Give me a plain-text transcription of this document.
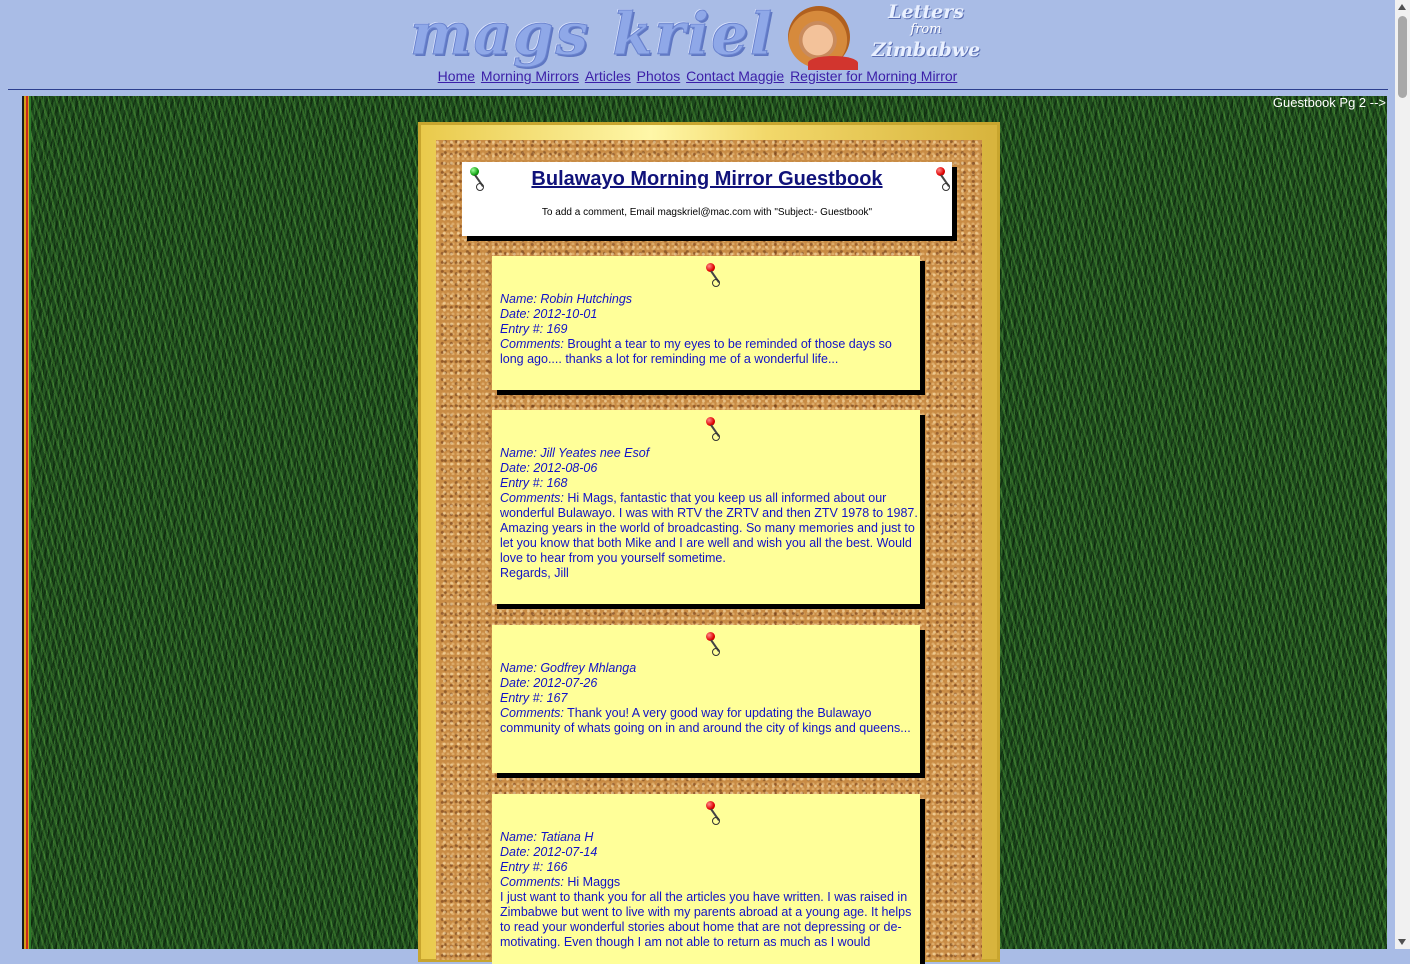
mags kriel	Letters
from
Zimbabwe
Home Morning Mirrors Articles Photos Contact Maggie Register for Morning Mirror
Guestbook Pg 2 -->
Bulawayo Morning Mirror Guestbook
To add a comment, Email magskriel@mac.com with "Subject:- Guestbook"
Name: Robin Hutchings
Date: 2012-10-01
Entry #: 169
Comments: Brought a tear to my eyes to be reminded of those days so long ago.... thanks a lot for reminding me of a wonderful life...
Name: Jill Yeates nee Esof
Date: 2012-08-06
Entry #: 168
Comments: Hi Mags, fantastic that you keep us all informed about our wonderful Bulawayo. I was with RTV the ZRTV and then ZTV 1978 to 1987. Amazing years in the world of broadcasting. So many memories and just to let you know that both Mike and I are well and wish you all the best. Would love to hear from you yourself sometime.
Regards, Jill
Name: Godfrey Mhlanga
Date: 2012-07-26
Entry #: 167
Comments: Thank you! A very good way for updating the Bulawayo community of whats going on in and around the city of kings and queens...
Name: Tatiana H
Date: 2012-07-14
Entry #: 166
Comments: Hi Maggs
I just want to thank you for all the articles you have written. I was raised in Zimbabwe but went to live with my parents abroad at a young age. It helps to read your wonderful stories about home that are not depressing or de-motivating. Even though I am not able to return as much as I would
